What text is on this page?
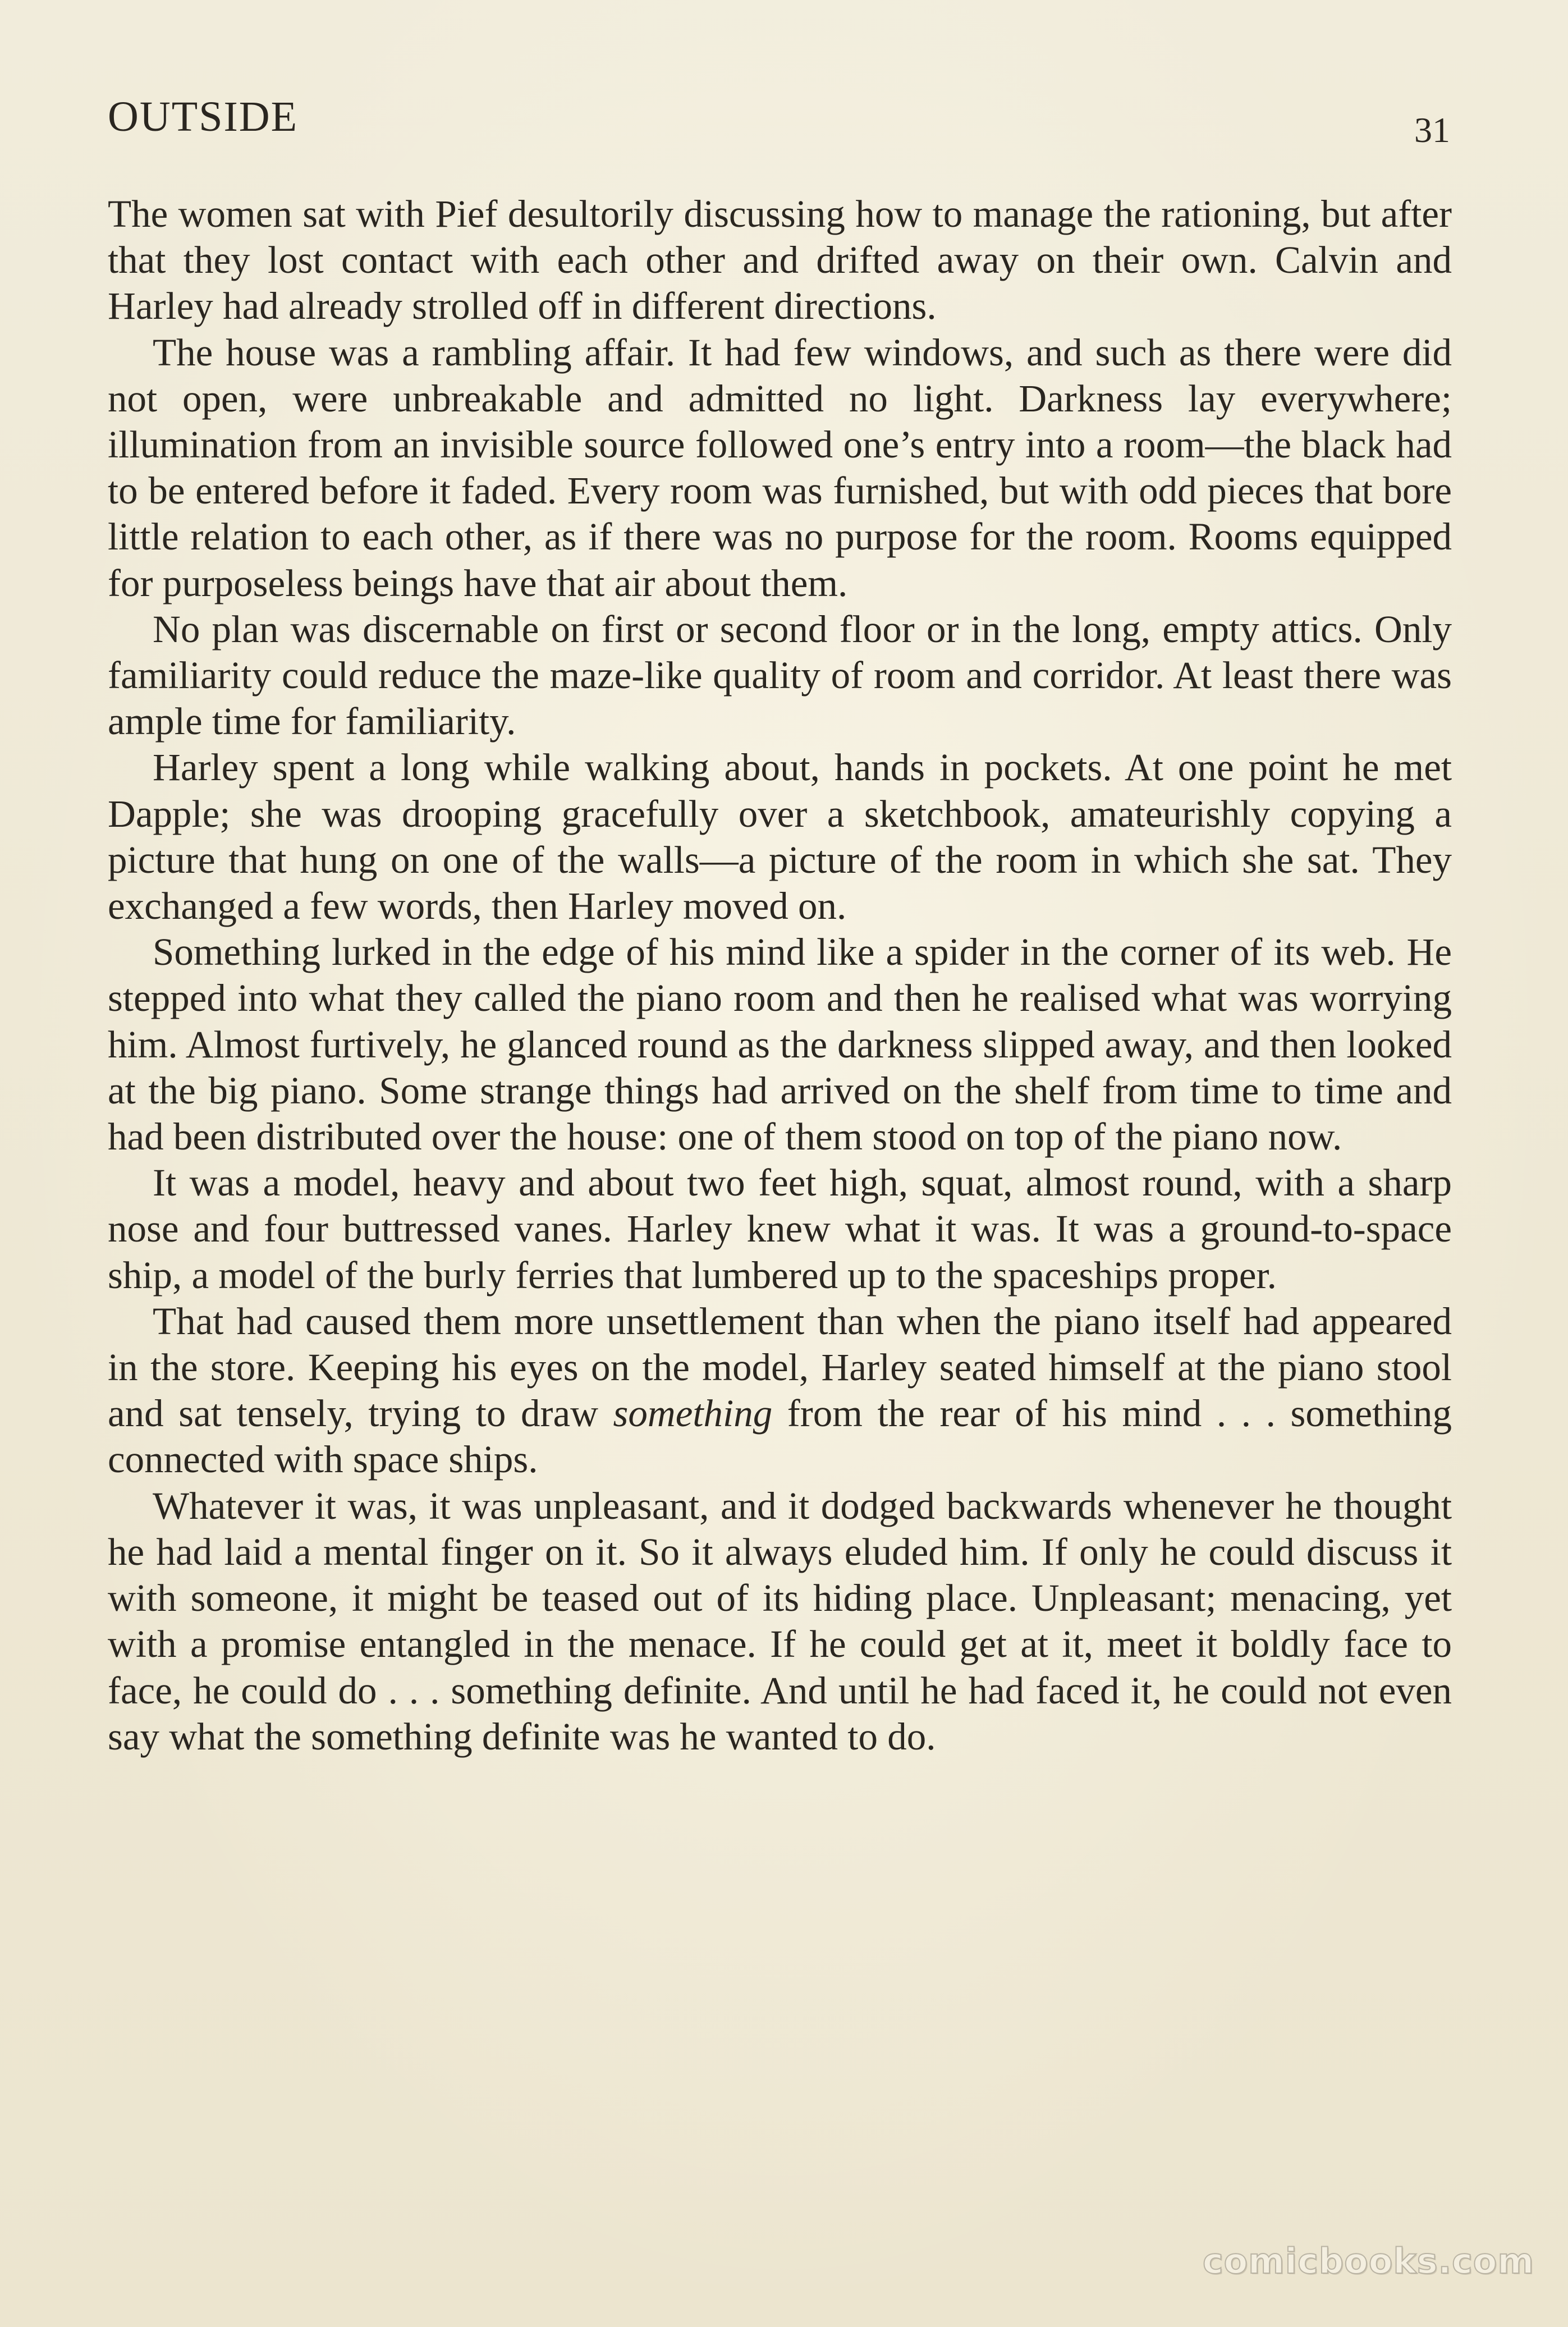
OUTSIDE	31

The women sat with Pief desultorily discussing how to manage the rationing, but after that they lost contact with each other and drifted away on their own. Calvin and Harley had already strolled off in different directions.

The house was a rambling affair. It had few windows, and such as there were did not open, were unbreakable and admitted no light. Darkness lay everywhere; illumination from an invisible source followed one’s entry into a room—the black had to be entered before it faded. Every room was furnished, but with odd pieces that bore little relation to each other, as if there was no purpose for the room. Rooms equipped for purposeless beings have that air about them.

No plan was discernable on first or second floor or in the long, empty attics. Only familiarity could reduce the maze-like quality of room and corridor. At least there was ample time for familiarity.

Harley spent a long while walking about, hands in pockets. At one point he met Dapple; she was drooping gracefully over a sketchbook, amateurishly copying a picture that hung on one of the walls—a picture of the room in which she sat. They exchanged a few words, then Harley moved on.

Something lurked in the edge of his mind like a spider in the corner of its web. He stepped into what they called the piano room and then he realised what was worrying him. Almost furtively, he glanced round as the darkness slipped away, and then looked at the big piano. Some strange things had arrived on the shelf from time to time and had been distributed over the house: one of them stood on top of the piano now.

It was a model, heavy and about two feet high, squat, almost round, with a sharp nose and four buttressed vanes. Harley knew what it was. It was a ground-to-space ship, a model of the burly ferries that lumbered up to the spaceships proper.

That had caused them more unsettlement than when the piano itself had appeared in the store. Keeping his eyes on the model, Harley seated himself at the piano stool and sat tensely, trying to draw something from the rear of his mind . . . something connected with space ships.

Whatever it was, it was unpleasant, and it dodged backwards whenever he thought he had laid a mental finger on it. So it always eluded him. If only he could discuss it with someone, it might be teased out of its hiding place. Unpleasant; menacing, yet with a promise entangled in the menace. If he could get at it, meet it boldly face to face, he could do . . . something definite. And until he had faced it, he could not even say what the something definite was he wanted to do.

comicbooks.com
